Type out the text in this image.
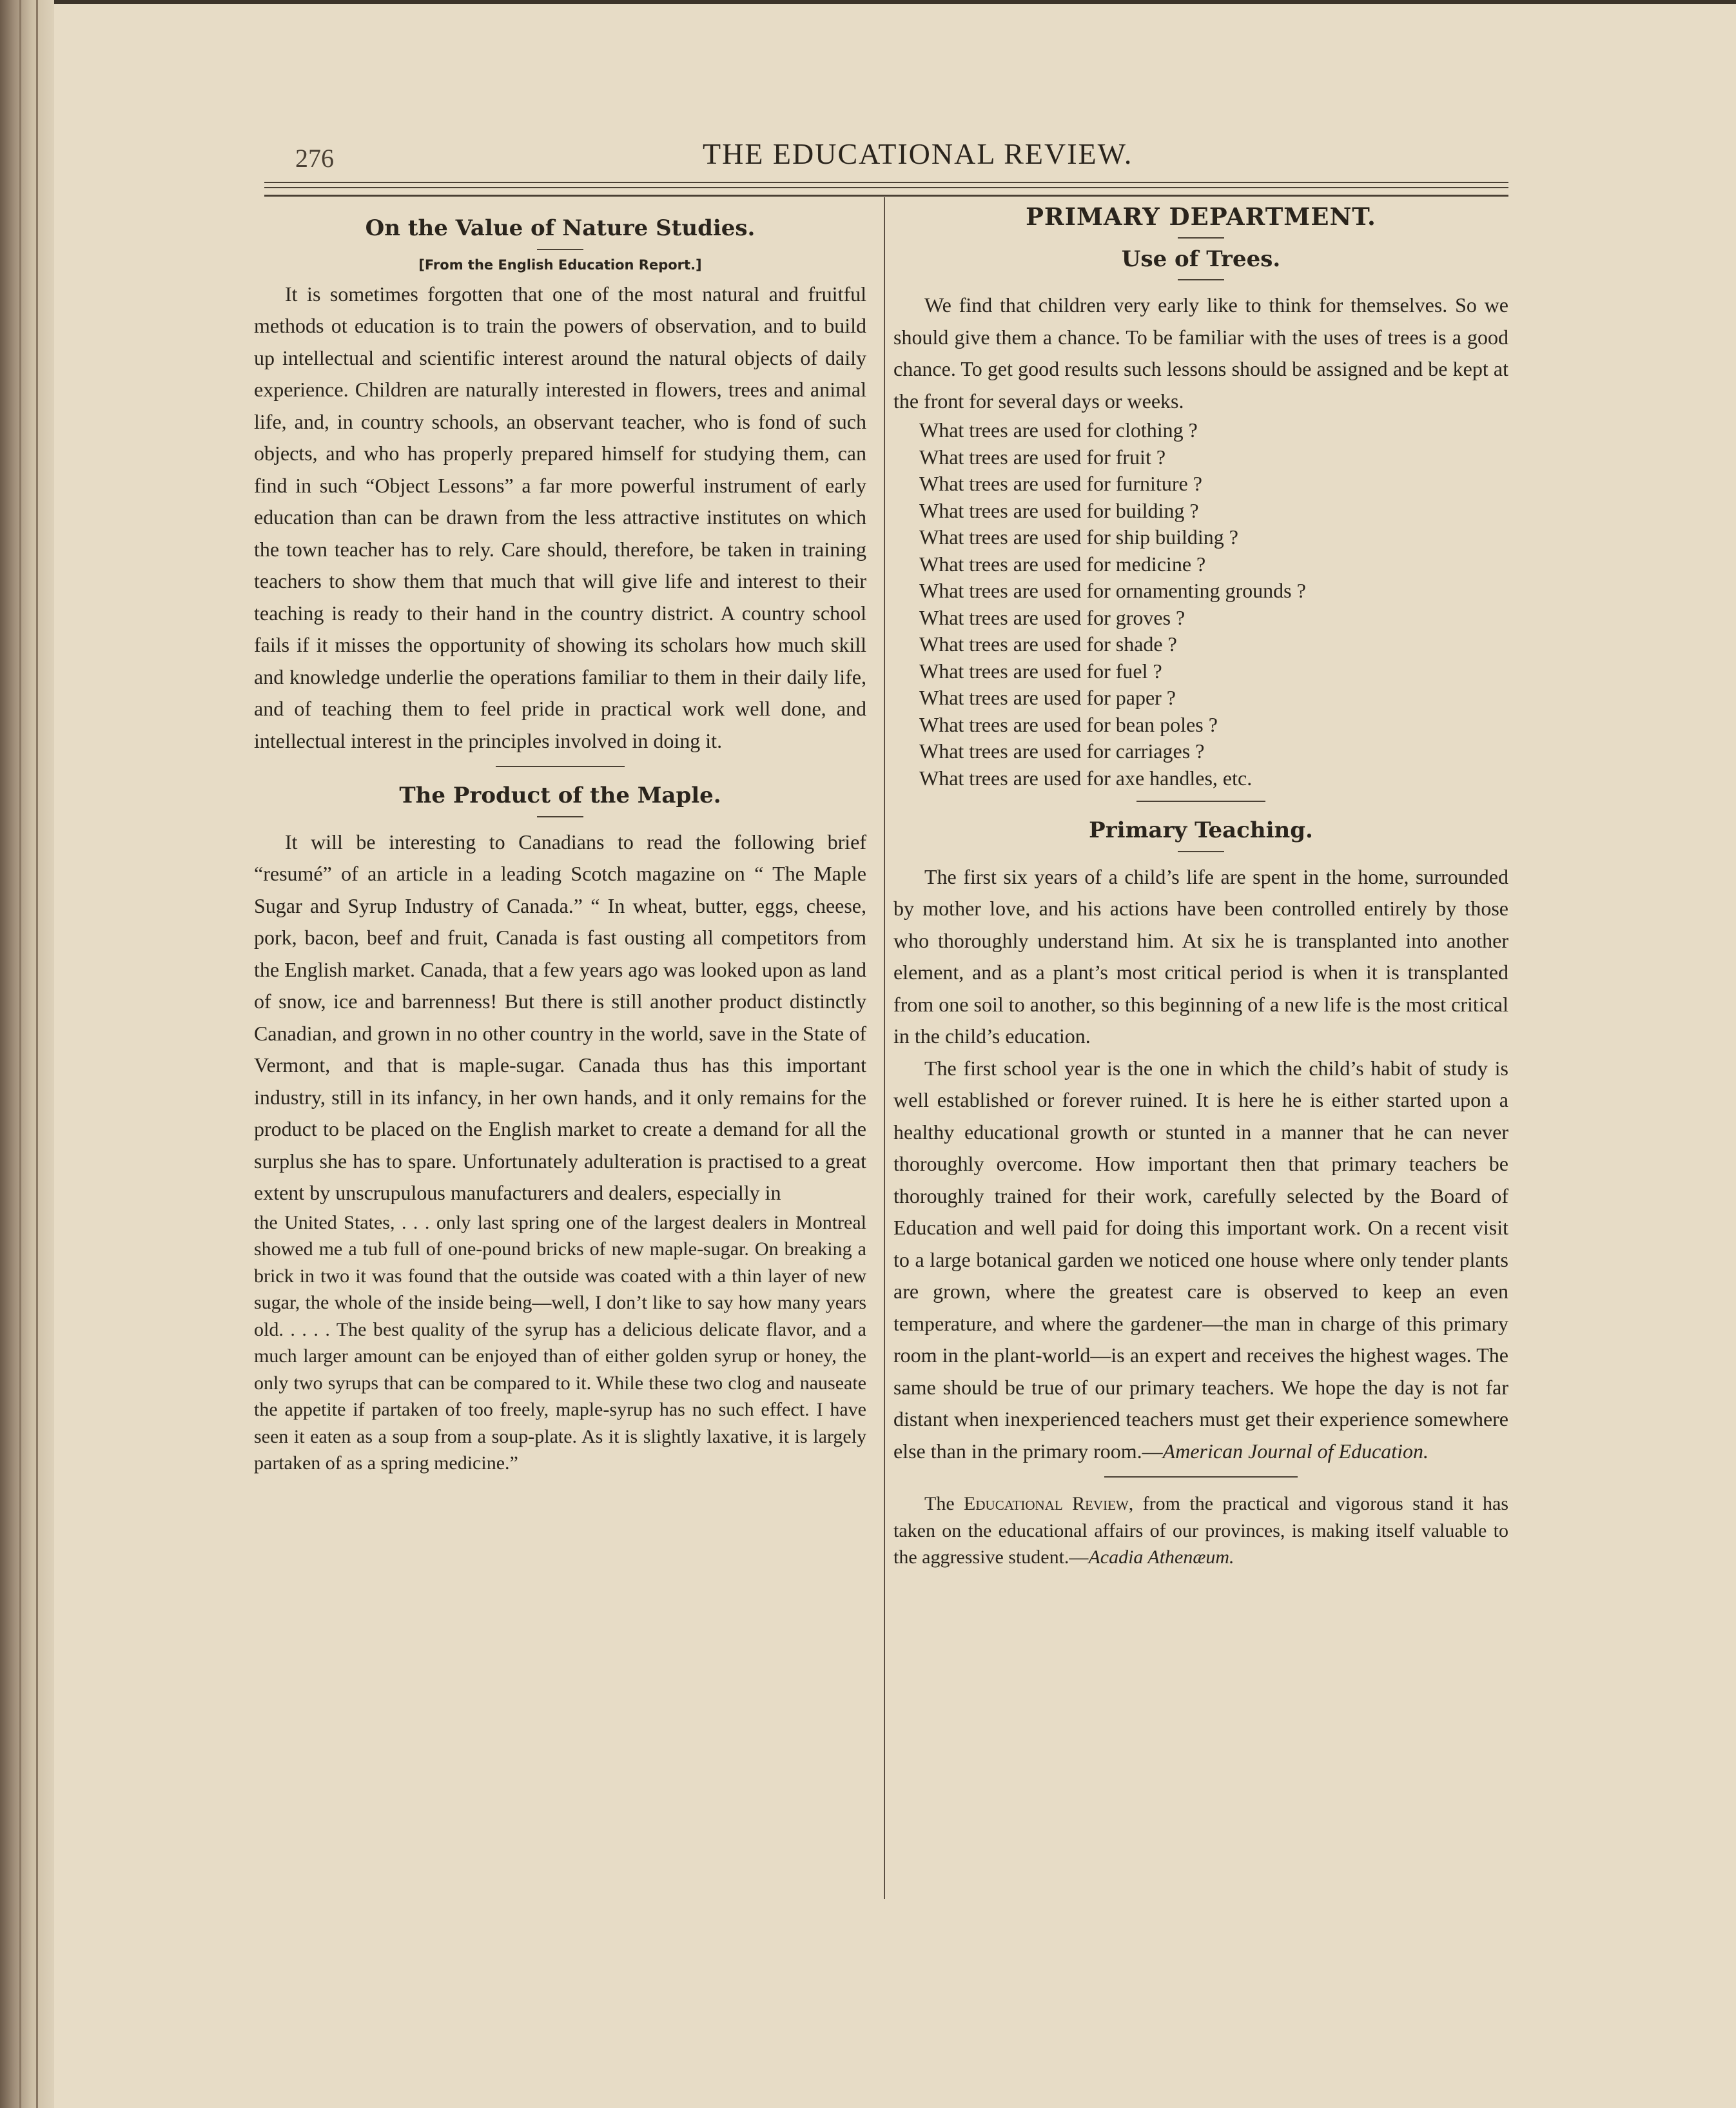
276	THE EDUCATIONAL REVIEW.
On the Value of Nature Studies.
[From the English Education Report.]

It is sometimes forgotten that one of the most natural and fruitful methods ot education is to train the powers of observation, and to build up intellectual and scientific interest around the natural objects of daily experience. Children are naturally interested in flowers, trees and animal life, and, in country schools, an observant teacher, who is fond of such objects, and who has properly prepared himself for studying them, can find in such “Object Lessons” a far more powerful instrument of early education than can be drawn from the less attractive institutes on which the town teacher has to rely. Care should, therefore, be taken in training teachers to show them that much that will give life and interest to their teaching is ready to their hand in the country district. A country school fails if it misses the opportunity of showing its scholars how much skill and knowledge underlie the operations familiar to them in their daily life, and of teaching them to feel pride in practical work well done, and intellectual interest in the principles involved in doing it.

The Product of the Maple.

It will be interesting to Canadians to read the following brief “resumé” of an article in a leading Scotch magazine on “ The Maple Sugar and Syrup Industry of Canada.” “ In wheat, butter, eggs, cheese, pork, bacon, beef and fruit, Canada is fast ousting all competitors from the English market. Canada, that a few years ago was looked upon as land of snow, ice and barrenness! But there is still another product distinctly Canadian, and grown in no other country in the world, save in the State of Vermont, and that is maple-sugar. Canada thus has this important industry, still in its infancy, in her own hands, and it only remains for the product to be placed on the English market to create a demand for all the surplus she has to spare. Unfortunately adulteration is practised to a great extent by unscrupulous manufacturers and dealers, especially in

the United States, . . . only last spring one of the largest dealers in Montreal showed me a tub full of one-pound bricks of new maple-sugar. On breaking a brick in two it was found that the outside was coated with a thin layer of new sugar, the whole of the inside being—well, I don’t like to say how many years old. . . . . The best quality of the syrup has a delicious delicate flavor, and a much larger amount can be enjoyed than of either golden syrup or honey, the only two syrups that can be compared to it. While these two clog and nauseate the appetite if partaken of too freely, maple-syrup has no such effect. I have seen it eaten as a soup from a soup-plate. As it is slightly laxative, it is largely partaken of as a spring medicine.”

PRIMARY DEPARTMENT.
Use of Trees.

We find that children very early like to think for themselves. So we should give them a chance. To be familiar with the uses of trees is a good chance. To get good results such lessons should be assigned and be kept at the front for several days or weeks.

What trees are used for clothing ?
What trees are used for fruit ?
What trees are used for furniture ?
What trees are used for building ?
What trees are used for ship building ?
What trees are used for medicine ?
What trees are used for ornamenting grounds ?
What trees are used for groves ?
What trees are used for shade ?
What trees are used for fuel ?
What trees are used for paper ?
What trees are used for bean poles ?
What trees are used for carriages ?
What trees are used for axe handles, etc.
Primary Teaching.

The first six years of a child’s life are spent in the home, surrounded by mother love, and his actions have been controlled entirely by those who thoroughly understand him. At six he is transplanted into another element, and as a plant’s most critical period is when it is transplanted from one soil to another, so this beginning of a new life is the most critical in the child’s education.

The first school year is the one in which the child’s habit of study is well established or forever ruined. It is here he is either started upon a healthy educational growth or stunted in a manner that he can never thoroughly overcome. How important then that primary teachers be thoroughly trained for their work, carefully selected by the Board of Education and well paid for doing this important work. On a recent visit to a large botanical garden we noticed one house where only tender plants are grown, where the greatest care is observed to keep an even temperature, and where the gardener—the man in charge of this primary room in the plant-world—is an expert and receives the highest wages. The same should be true of our primary teachers. We hope the day is not far distant when inexperienced teachers must get their experience somewhere else than in the primary room.—American Journal of Education.

The Educational Review, from the practical and vigorous stand it has taken on the educational affairs of our provinces, is making itself valuable to the aggressive student.—Acadia Athenæum.
